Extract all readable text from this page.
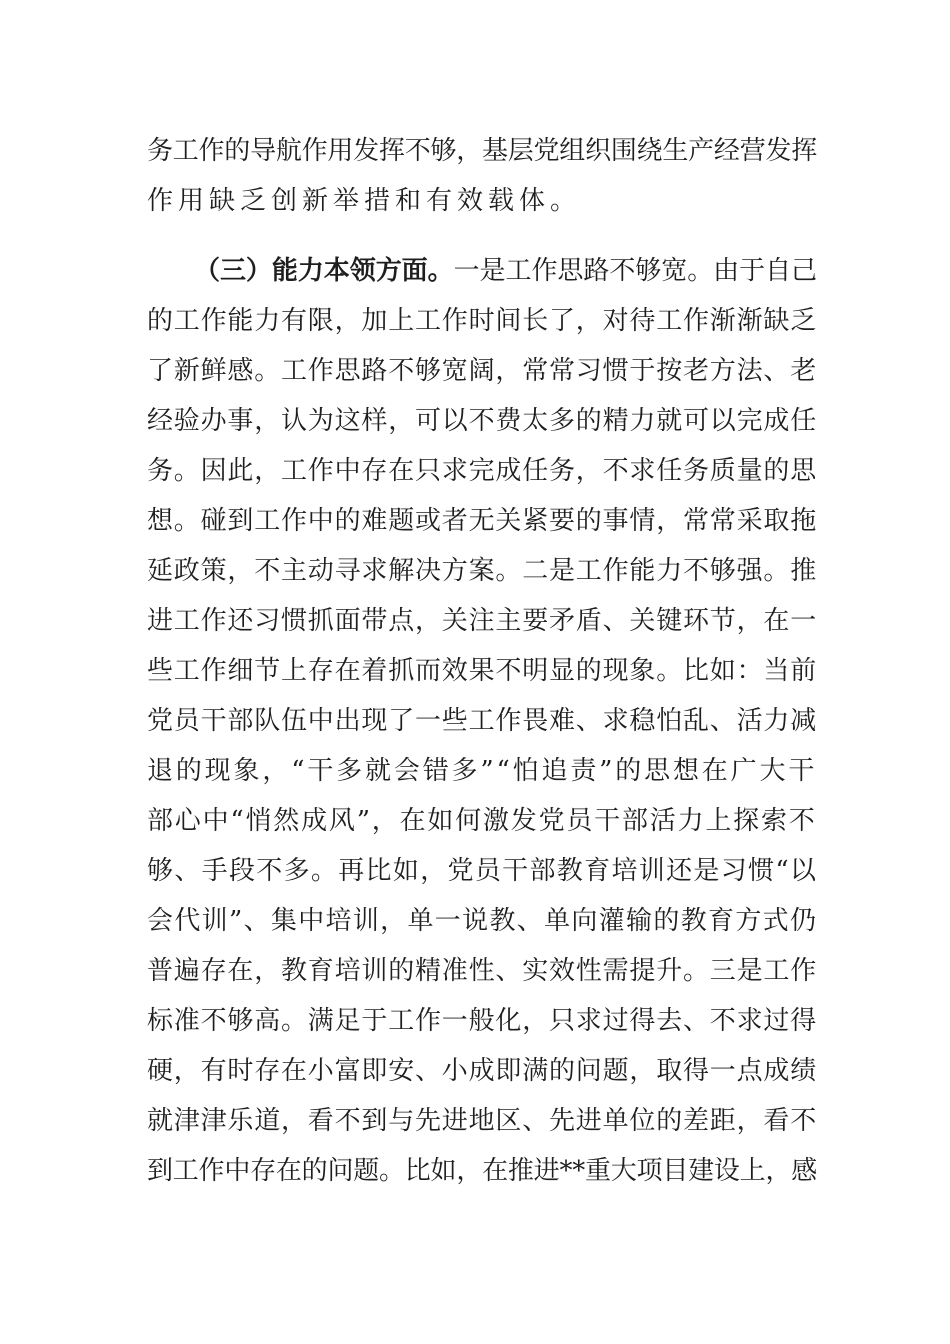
务工作的导航作用发挥不够，基层党组织围绕生产经营发挥
作用缺乏创新举措和有效载体。
（三）能力本领方面。一是工作思路不够宽。由于自己
的工作能力有限，加上工作时间长了，对待工作渐渐缺乏
了新鲜感。工作思路不够宽阔，常常习惯于按老方法、老
经验办事，认为这样，可以不费太多的精力就可以完成任
务。因此，工作中存在只求完成任务，不求任务质量的思
想。碰到工作中的难题或者无关紧要的事情，常常采取拖
延政策，不主动寻求解决方案。二是工作能力不够强。推
进工作还习惯抓面带点，关注主要矛盾、关键环节，在一
些工作细节上存在着抓而效果不明显的现象。比如：当前
党员干部队伍中出现了一些工作畏难、求稳怕乱、活力减
退的现象，“干多就会错多”“怕追责”的思想在广大干
部心中“悄然成风”，在如何激发党员干部活力上探索不
够、手段不多。再比如，党员干部教育培训还是习惯“以
会代训”、集中培训，单一说教、单向灌输的教育方式仍
普遍存在，教育培训的精准性、实效性需提升。三是工作
标准不够高。满足于工作一般化，只求过得去、不求过得
硬，有时存在小富即安、小成即满的问题，取得一点成绩
就津津乐道，看不到与先进地区、先进单位的差距，看不
到工作中存在的问题。比如，在推进**重大项目建设上，感
